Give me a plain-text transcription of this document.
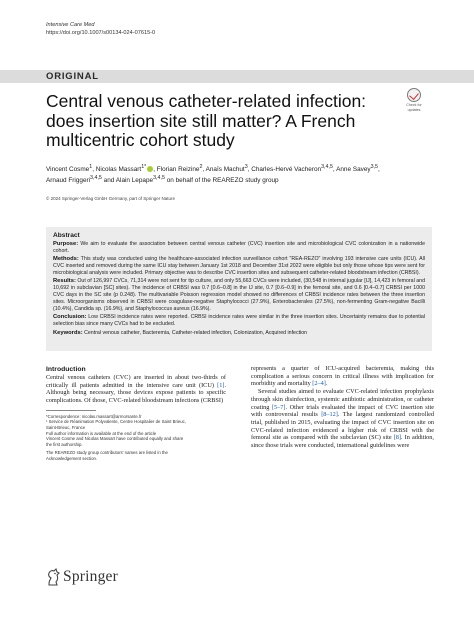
Intensive Care Med
https://doi.org/10.1007/s00134-024-07615-0
ORIGINAL
Check for
updates
Central venous catheter-related infection: does insertion site still matter? A French multicentric cohort study
Vincent Cosme$^1$, Nicolas Massart$^{1*}$ , Florian Reizine$^2$, Anaïs Machut$^3$, Charles-Hervé Vacheron$^{3,4,5}$, Anne Savey$^{3,5}$, Arnaud Friggeri$^{3,4,5}$ and Alain Lepape$^{3,4,5}$ on behalf of the REAREZO study group
© 2024 Springer-Verlag GmbH Germany, part of Springer Nature
Abstract

Purpose: We aim to evaluate the association between central venous catheter (CVC) insertion site and microbiological CVC colonization in a nationwide cohort.

Methods: This study was conducted using the healthcare-associated infection surveillance cohort "REA-REZO" involving 193 intensive care units (ICU). All CVC inserted and removed during the same ICU stay between January 1st 2018 and December 31st 2022 were eligible but only those whose tips were sent for microbiological analysis were included. Primary objective was to describe CVC insertion sites and subsequent catheter-related bloodstream infection (CRBSI).

Results: Out of 126,997 CVCs, 71,314 were not sent for tip culture, and only 55,663 CVCs were included, (30,548 in internal jugular [IJ], 14,423 in femoral and 10,692 in subclavian [SC] sites). The incidence of CRBSI was 0.7 [0.6–0.8] in the IJ site, 0.7 [0.6–0.9] in the femoral site, and 0.6 [0.4–0.7] CRBSI per 1000 CVC days in the SC site (p 0.248). The multivariable Poisson regression model showed no differences of CRBSI incidence rates between the three insertion sites. Microorganisms observed in CRBSI were coagulase-negative Staphylococci (27.9%), Enterobacterales (27.5%), non-fermenting Gram-negative Bacilli (10.4%), Candida sp. (16.9%), and Staphylococcus aureus (16.9%).

Conclusion: Low CRBSI incidence rates were reported. CRBSI incidence rates were similar in the three insertion sites. Uncertainty remains due to potential selection bias since many CVCs had to be excluded.

Keywords: Central venous catheter, Bacteremia, Catheter-related infection, Colonization, Acquired infection

Introduction

Central venous catheters (CVC) are inserted in about two-thirds of critically ill patients admitted in the intensive care unit (ICU) [1]. Although being necessary, those devices expose patients to specific complications. Of those, CVC-related bloodstream infections (CRBSI)

*Correspondence: nicolas.massart@armorsante.fr
¹ Service de Réanimation Polyvalente, Centre Hospitalier de Saint Brieuc,
Saint-Brieuc, France
Full author information is available at the end of the article
Vincent Cosme and Nicolas Massart have contributed equally and share
the first authorship.
The REAREZO study group contributors' names are listed in the
Acknowledgement section.

represents a quarter of ICU-acquired bacteremia, making this complication a serious concern in critical illness with implication for morbidity and mortality [2–4].

Several studies aimed to evaluate CVC-related infection prophylaxis through skin disinfection, systemic antibiotic administration, or catheter coating [5–7]. Other trials evaluated the impact of CVC insertion site with controversial results [8–12]. The largest randomized controlled trial, published in 2015, evaluating the impact of CVC insertion site on CVC-related infection evidenced a higher risk of CRBSI with the femoral site as compared with the subclavian (SC) site [8]. In addition, since those trials were conducted, international guidelines were

Springer
